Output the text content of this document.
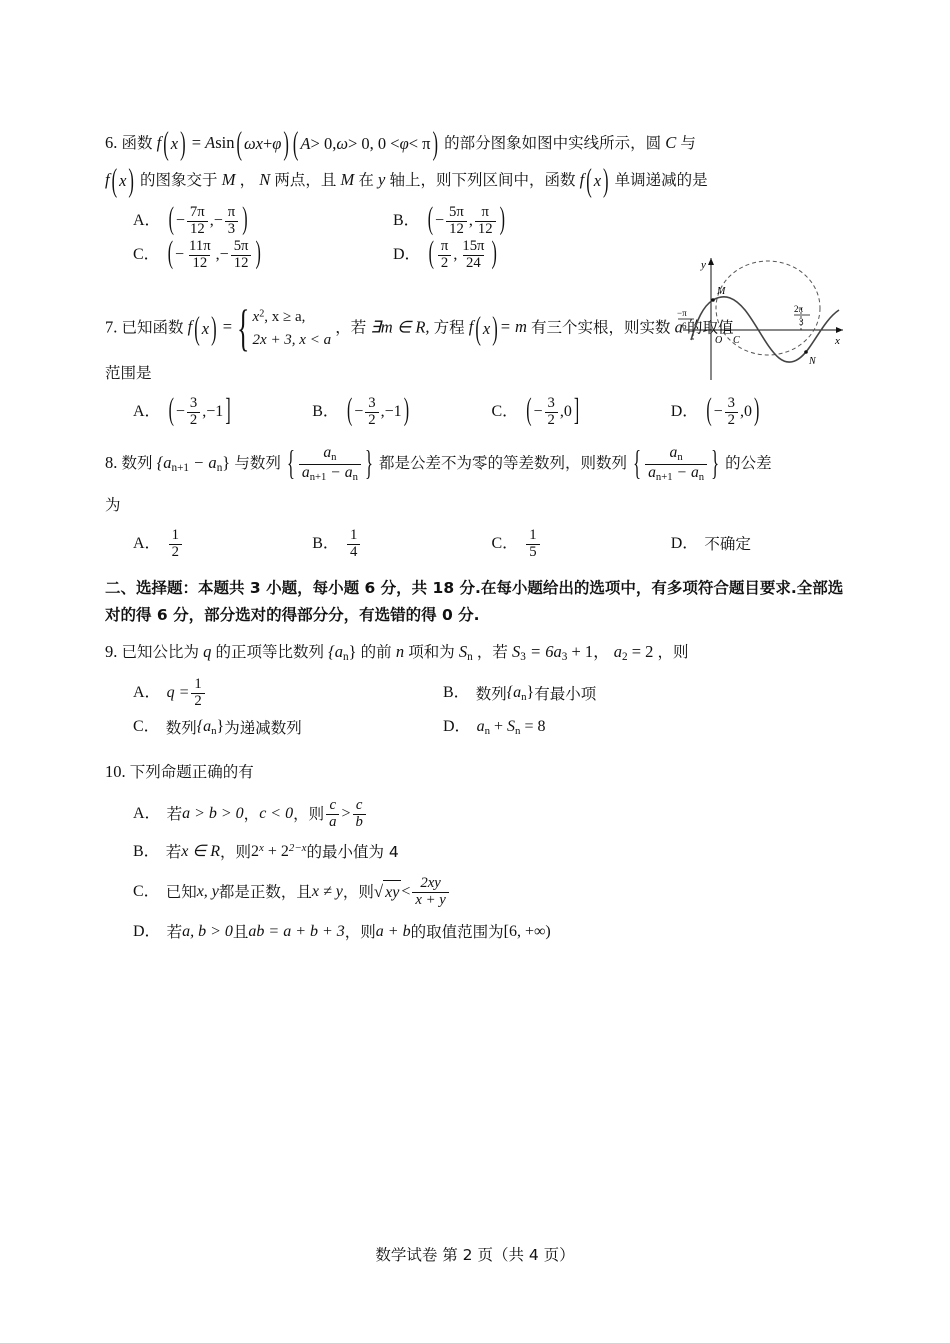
6. 函数 f ( x ) = Asin ( ωx + φ ) ( A > 0, ω > 0, 0 < φ < π ) 的部分图象如图中实线所示，圆 C 与
f ( x ) 的图象交于 M ， N 两点，且 M 在 y 轴上，则下列区间中，函数 f ( x ) 单调递减的是
A． ( − $\frac{7\pi}{12}$ , − $\frac{\pi}{3}$ )	B． ( − $\frac{5\pi}{12}$ , $\frac{\pi}{12}$ )
C． ( − $\frac{11\pi}{12}$ , − $\frac{5\pi}{12}$ )	D． ( $\frac{\pi}{2}$ , $\frac{15\pi}{24}$ )	y
x
O
M
N
C
−π
6
2π
3
7. 已知函数 f ( x ) = { $x^2$, x ≥ a,
2x + 3, x < a
，若 ∃m ∈ R, 方程 f ( x ) = m 有三个实根，则实数 a 的取值
范围是
A． ( − $\frac{3}{2}$ , −1 ]	B． ( − $\frac{3}{2}$ , −1 )	C． ( − $\frac{3}{2}$ , 0 ]	D． ( − $\frac{3}{2}$ , 0 )
8. 数列 $\{a_{n+1} - a_n\}$ 与数列 { $\frac{a_n}{a_{n+1} - a_n}$ } 都是公差不为零的等差数列，则数列 { $\frac{a_n}{a_{n+1} - a_n}$ } 的公差
为
A． $\frac{1}{2}$	B． $\frac{1}{4}$	C． $\frac{1}{5}$	D． 不确定
二、选择题：本题共 3 小题，每小题 6 分，共 18 分.在每小题给出的选项中，有多项符合题目要求.全部选对的得 6 分，部分选对的得部分分，有选错的得 0 分.
9. 已知公比为 q 的正项等比数列 $\{a_n\}$ 的前 n 项和为 $S_n$ ，若 $S_3 = 6a_3 + 1$， $a_2 = 2$ ，则
A． $q = \frac{1}{2}$	B． 数列 $\{a_n\}$ 有最小项
C． 数列 $\{a_n\}$ 为递减数列	D． $a_n + S_n = 8$
10. 下列命题正确的有
A． 若 a > b > 0 ， c < 0 ，则 $\frac{c}{a} > \frac{c}{b}$
B． 若 x ∈ R ，则 $2^x + 2^{2-x}$ 的最小值为 4
C． 已知 x, y 都是正数，且 x ≠ y ，则 √ xy < $\frac{2xy}{x + y}$
D． 若 a, b > 0 且 ab = a + b + 3 ，则 a + b 的取值范围为 [6, +∞)
数学试卷 第 2 页（共 4 页）
